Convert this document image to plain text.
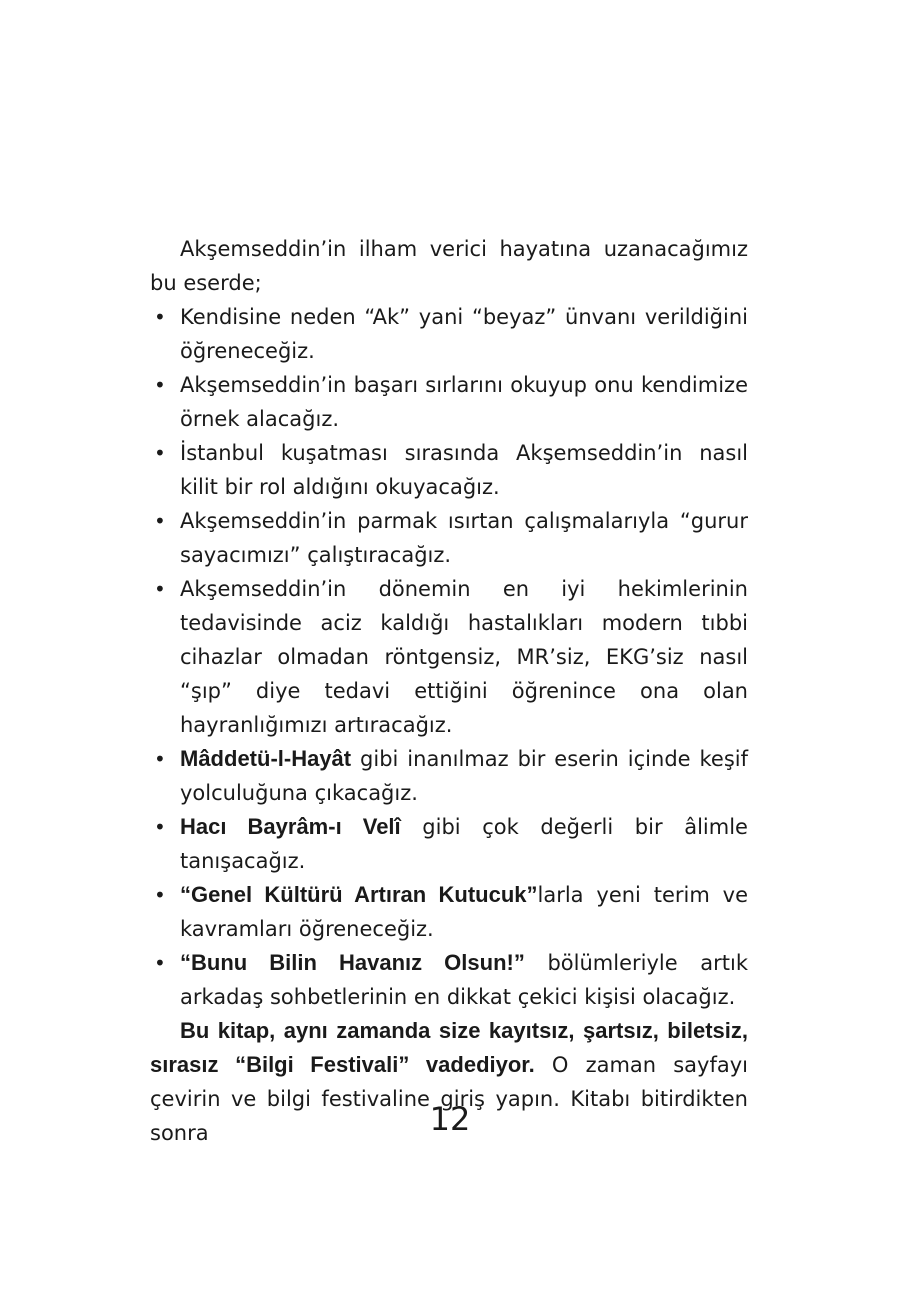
Akşemseddin’in ilham verici hayatına uzanacağımız bu eserde;

• Kendisine neden “Ak” yani “beyaz” ünvanı verildiğini öğreneceğiz.
• Akşemseddin’in başarı sırlarını okuyup onu kendimize örnek alacağız.
• İstanbul kuşatması sırasında Akşemseddin’in nasıl kilit bir rol aldığını okuyacağız.
• Akşemseddin’in parmak ısırtan çalışmalarıyla “gurur sayacımızı” çalıştıracağız.
• Akşemseddin’in dönemin en iyi hekimlerinin tedavisinde aciz kaldığı hastalıkları modern tıbbi cihazlar olmadan röntgensiz, MR’siz, EKG’siz nasıl “şıp” diye tedavi ettiğini öğrenince ona olan hayranlığımızı artıracağız.
• Mâddetü-l-Hayât gibi inanılmaz bir eserin içinde keşif yolculuğuna çıkacağız.
• Hacı Bayrâm-ı Velî gibi çok değerli bir âlimle tanışacağız.
• “Genel Kültürü Artıran Kutucuk”larla yeni terim ve kavramları öğreneceğiz.
• “Bunu Bilin Havanız Olsun!” bölümleriyle artık arkadaş sohbetlerinin en dikkat çekici kişisi olacağız.

Bu kitap, aynı zamanda size kayıtsız, şartsız, biletsiz, sırasız “Bilgi Festivali” vadediyor. O zaman sayfayı çevirin ve bilgi festivaline giriş yapın. Kitabı bitirdikten sonra	12
